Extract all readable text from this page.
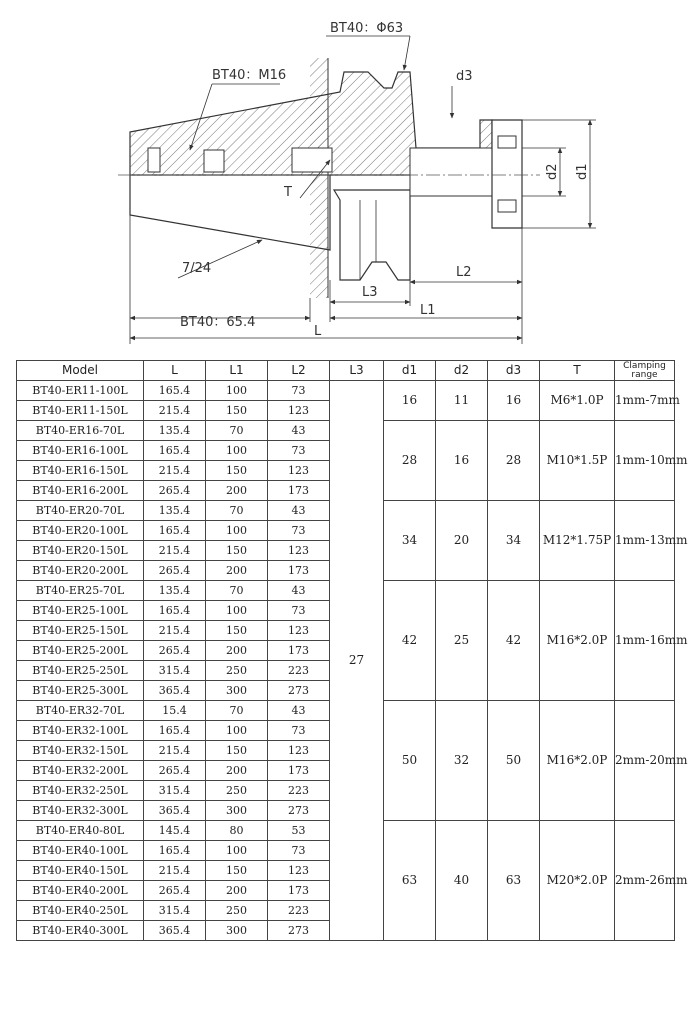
BT40：Φ63
BT40：M16	d3
d2 d1
T
7/24	L2
L3
L1
BT40：65.4
L
Model	L	L1	L2	L3	d1	d2	d3	T	Clamping range
BT40-ER11-100L	165.4	100	73	27	16	11	16	M6*1.0P	1mm-7mm
BT40-ER11-150L	215.4	150	123						
BT40-ER16-70L	135.4	70	43		28	16	28	M10*1.5P	1mm-10mm
BT40-ER16-100L	165.4	100	73						
BT40-ER16-150L	215.4	150	123						
BT40-ER16-200L	265.4	200	173						
BT40-ER20-70L	135.4	70	43		34	20	34	M12*1.75P	1mm-13mm
BT40-ER20-100L	165.4	100	73						
BT40-ER20-150L	215.4	150	123						
BT40-ER20-200L	265.4	200	173						
BT40-ER25-70L	135.4	70	43		42	25	42	M16*2.0P	1mm-16mm
BT40-ER25-100L	165.4	100	73						
BT40-ER25-150L	215.4	150	123						
BT40-ER25-200L	265.4	200	173						
BT40-ER25-250L	315.4	250	223						
BT40-ER25-300L	365.4	300	273						
BT40-ER32-70L	15.4	70	43		50	32	50	M16*2.0P	2mm-20mm
BT40-ER32-100L	165.4	100	73						
BT40-ER32-150L	215.4	150	123						
BT40-ER32-200L	265.4	200	173						
BT40-ER32-250L	315.4	250	223						
BT40-ER32-300L	365.4	300	273						
BT40-ER40-80L	145.4	80	53		63	40	63	M20*2.0P	2mm-26mm
BT40-ER40-100L	165.4	100	73						
BT40-ER40-150L	215.4	150	123						
BT40-ER40-200L	265.4	200	173						
BT40-ER40-250L	315.4	250	223						
BT40-ER40-300L	365.4	300	273						
